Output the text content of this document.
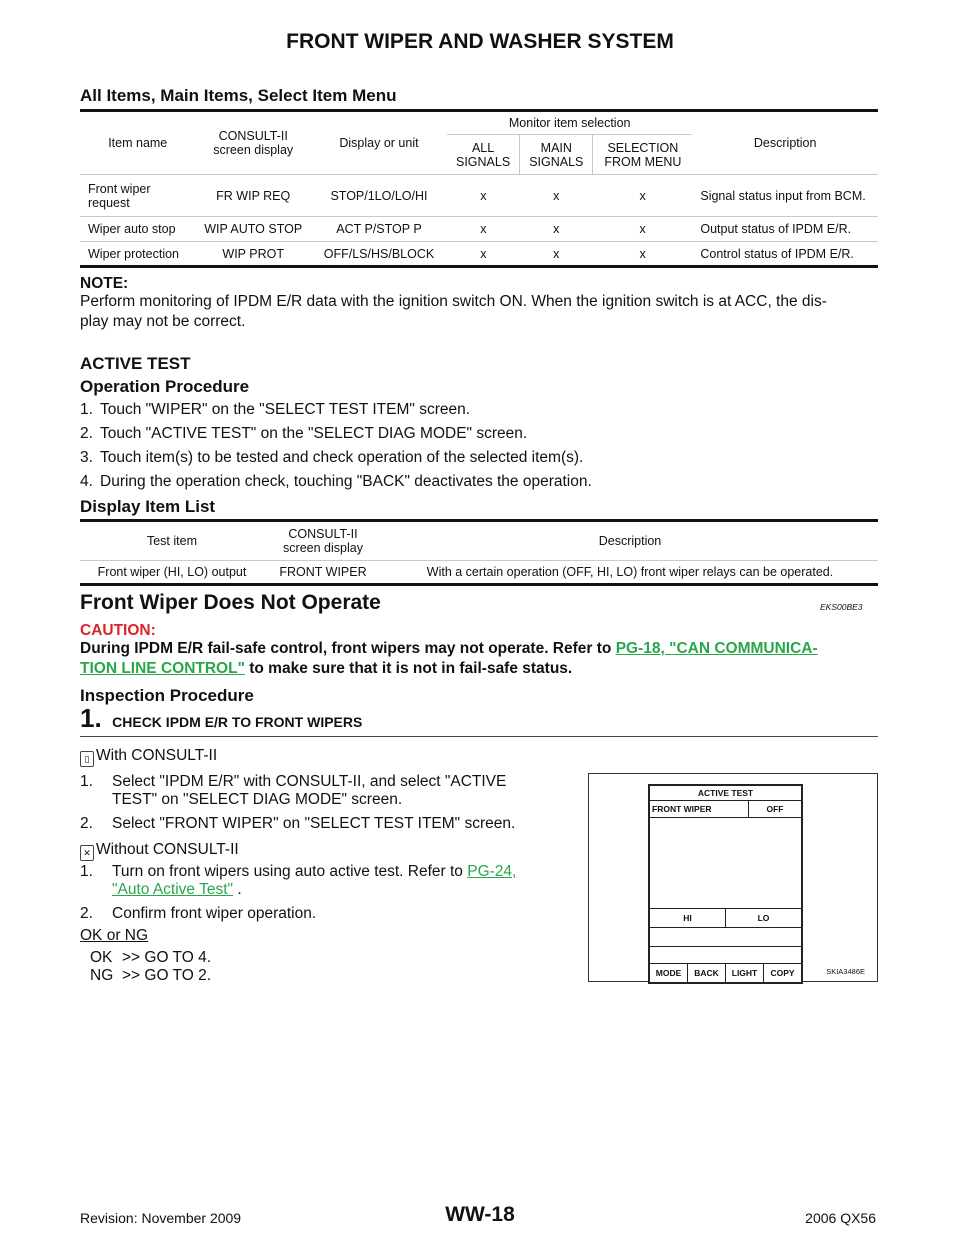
FRONT WIPER AND WASHER SYSTEM
All Items, Main Items, Select Item Menu
Item name	CONSULT-II screen display	Display or unit	Monitor item selection			Description
			ALL SIGNALS	MAIN SIGNALS	SELECTION FROM MENU	
Front wiper request	FR WIP REQ	STOP/1LO/LO/HI	x	x	x	Signal status input from BCM.
Wiper auto stop	WIP AUTO STOP	ACT P/STOP P	x	x	x	Output status of IPDM E/R.
Wiper protection	WIP PROT	OFF/LS/HS/BLOCK	x	x	x	Control status of IPDM E/R.
NOTE:
Perform monitoring of IPDM E/R data with the ignition switch ON. When the ignition switch is at ACC, the dis-
play may not be correct.
ACTIVE TEST
Operation Procedure
1. Touch "WIPER" on the "SELECT TEST ITEM" screen.
2. Touch "ACTIVE TEST" on the "SELECT DIAG MODE" screen.
3. Touch item(s) to be tested and check operation of the selected item(s).
4. During the operation check, touching "BACK" deactivates the operation.
Display Item List
Test item	CONSULT-II screen display	Description
Front wiper (HI, LO) output	FRONT WIPER	With a certain operation (OFF, HI, LO) front wiper relays can be operated.
Front Wiper Does Not Operate	EKS00BE3
CAUTION:
During IPDM E/R fail-safe control, front wipers may not operate. Refer to PG-18, "CAN COMMUNICA-
TION LINE CONTROL" to make sure that it is not in fail-safe status.
Inspection Procedure
1. CHECK IPDM E/R TO FRONT WIPERS
▯ With CONSULT-II
1. Select "IPDM E/R" with CONSULT-II, and select "ACTIVE
TEST" on "SELECT DIAG MODE" screen.
2. Select "FRONT WIPER" on "SELECT TEST ITEM" screen.
✕ Without CONSULT-II
1. Turn on front wipers using auto active test. Refer to PG-24,
"Auto Active Test" .
2. Confirm front wiper operation.
OK or NG
OK >> GO TO 4.
NG >> GO TO 2.
ACTIVE TEST
FRONT WIPER	OFF
HI	LO
MODE	BACK	LIGHT	COPY	SKIA3486E
Revision: November 2009	WW-18	2006 QX56
